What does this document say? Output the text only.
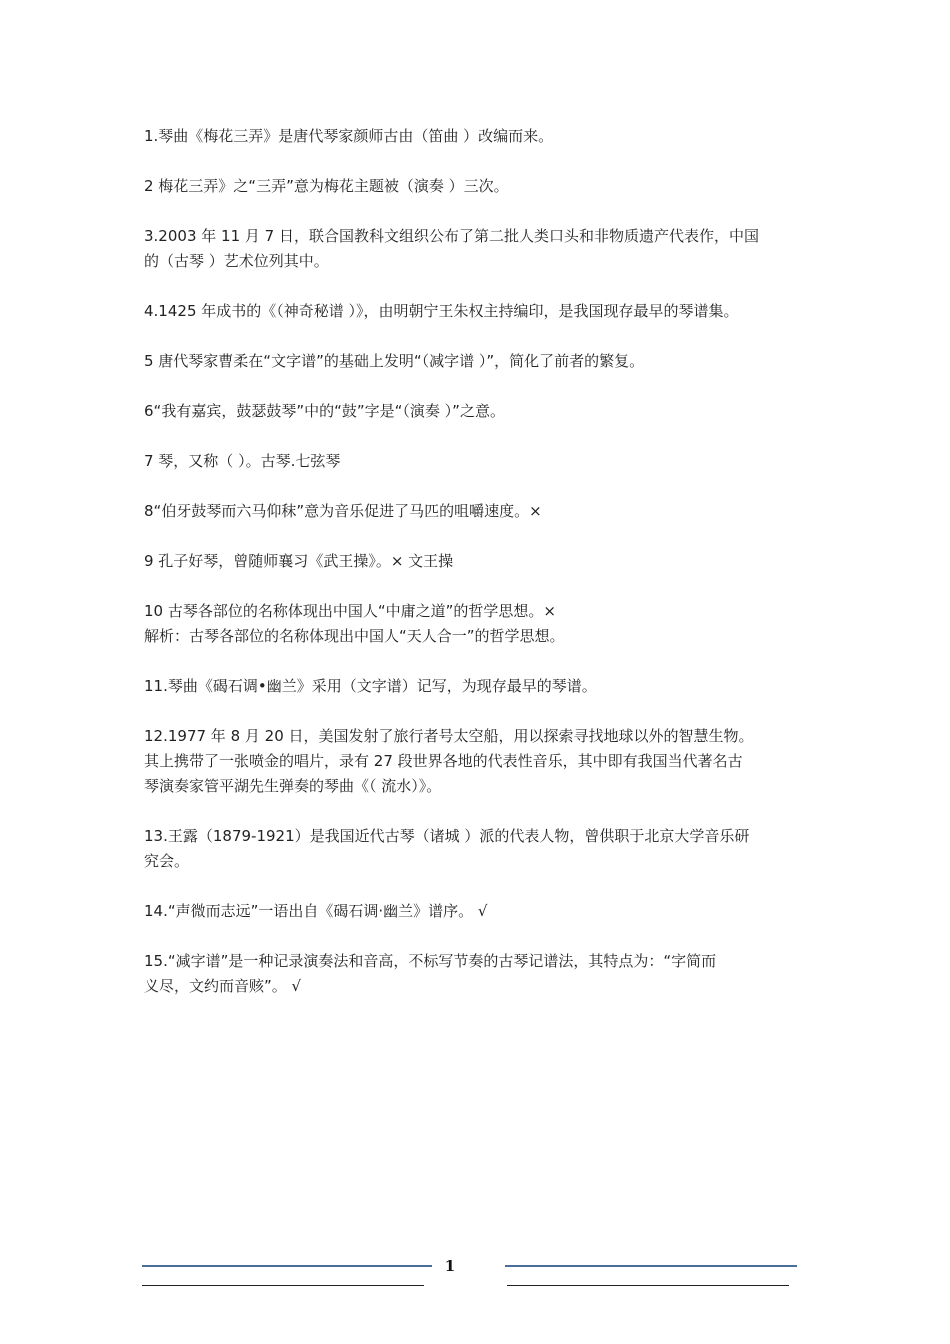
1.琴曲《梅花三弄》是唐代琴家颜师古由（笛曲 ）改编而来。
2 梅花三弄》之“三弄”意为梅花主题被（演奏 ）三次。
3.2003 年 11 月 7 日，联合国教科文组织公布了第二批人类口头和非物质遗产代表作，中国
的（古琴 ）艺术位列其中。
4.1425 年成书的《（神奇秘谱 ）》，由明朝宁王朱权主持编印，是我国现存最早的琴谱集。
5 唐代琴家曹柔在“文字谱”的基础上发明“（减字谱 ）”，简化了前者的繁复。
6“我有嘉宾，鼓瑟鼓琴”中的“鼓”字是“（演奏 ）”之意。
7 琴，又称（ ）。古琴.七弦琴
8“伯牙鼓琴而六马仰秣”意为音乐促进了马匹的咀嚼速度。×
9 孔子好琴，曾随师襄习《武王操》。× 文王操
10 古琴各部位的名称体现出中国人“中庸之道”的哲学思想。×
解析：古琴各部位的名称体现出中国人“天人合一”的哲学思想。
11.琴曲《碣石调•幽兰》采用（文字谱）记写，为现存最早的琴谱。
12.1977 年 8 月 20 日，美国发射了旅行者号太空船，用以探索寻找地球以外的智慧生物。
其上携带了一张喷金的唱片，录有 27 段世界各地的代表性音乐，其中即有我国当代著名古
琴演奏家管平湖先生弹奏的琴曲《（ 流水）》。
13.王露（1879-1921）是我国近代古琴（诸城 ）派的代表人物，曾供职于北京大学音乐研
究会。
14.“声微而志远”一语出自《碣石调·幽兰》谱序。 √
15.“减字谱”是一种记录演奏法和音高，不标写节奏的古琴记谱法，其特点为：“字简而
义尽，文约而音赅”。 √
1
